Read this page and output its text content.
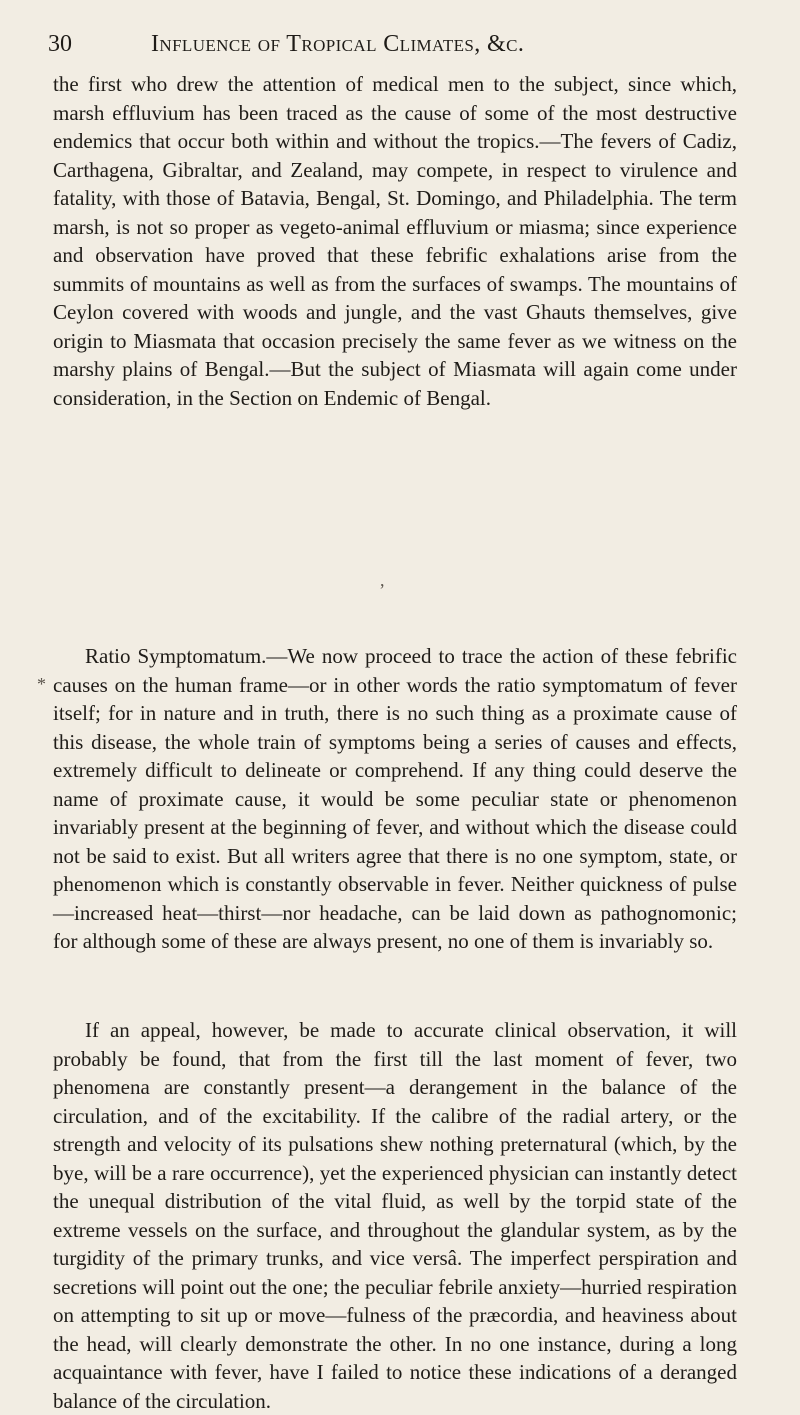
30	Influence of Tropical Climates, &c.

the first who drew the attention of medical men to the subject, since which, marsh effluvium has been traced as the cause of some of the most destructive endemics that occur both within and without the tropics.—The fevers of Cadiz, Carthagena, Gibraltar, and Zealand, may compete, in respect to virulence and fatality, with those of Batavia, Bengal, St. Domingo, and Philadelphia. The term marsh, is not so proper as vegeto-animal effluvium or miasma; since experience and observation have proved that these febrific exhalations arise from the summits of mountains as well as from the surfaces of swamps. The mountains of Ceylon covered with woods and jungle, and the vast Ghauts themselves, give origin to Miasmata that occasion precisely the same fever as we witness on the marshy plains of Bengal.—But the subject of Miasmata will again come under consideration, in the Section on Endemic of Bengal.

,

Ratio Symptomatum.—We now proceed to trace the action of these febrific causes on the human frame—or in other words the ratio symptomatum of fever itself; for in nature and in truth, there is no such thing as a proximate cause of this disease, the whole train of symptoms being a series of causes and effects, extremely difficult to delineate or comprehend. If any thing could deserve the name of proximate cause, it would be some peculiar state or phenomenon invariably present at the beginning of fever, and without which the disease could not be said to exist. But all writers agree that there is no one symptom, state, or phenomenon which is constantly observable in fever. Neither quickness of pulse—increased heat—thirst—nor headache, can be laid down as pathognomonic; for although some of these are always present, no one of them is invariably so.

*

If an appeal, however, be made to accurate clinical observation, it will probably be found, that from the first till the last moment of fever, two phenomena are constantly present—a derangement in the balance of the circulation, and of the excitability. If the calibre of the radial artery, or the strength and velocity of its pulsations shew nothing preternatural (which, by the bye, will be a rare occurrence), yet the experienced physician can instantly detect the unequal distribution of the vital fluid, as well by the torpid state of the extreme vessels on the surface, and throughout the glandular system, as by the turgidity of the primary trunks, and vice versâ. The imperfect perspiration and secretions will point out the one; the peculiar febrile anxiety—hurried respiration on attempting to sit up or move—fulness of the præcordia, and heaviness about the head, will clearly demonstrate the other. In no one instance, during a long acquaintance with fever, have I failed to notice these indications of a deranged balance of the circulation.
